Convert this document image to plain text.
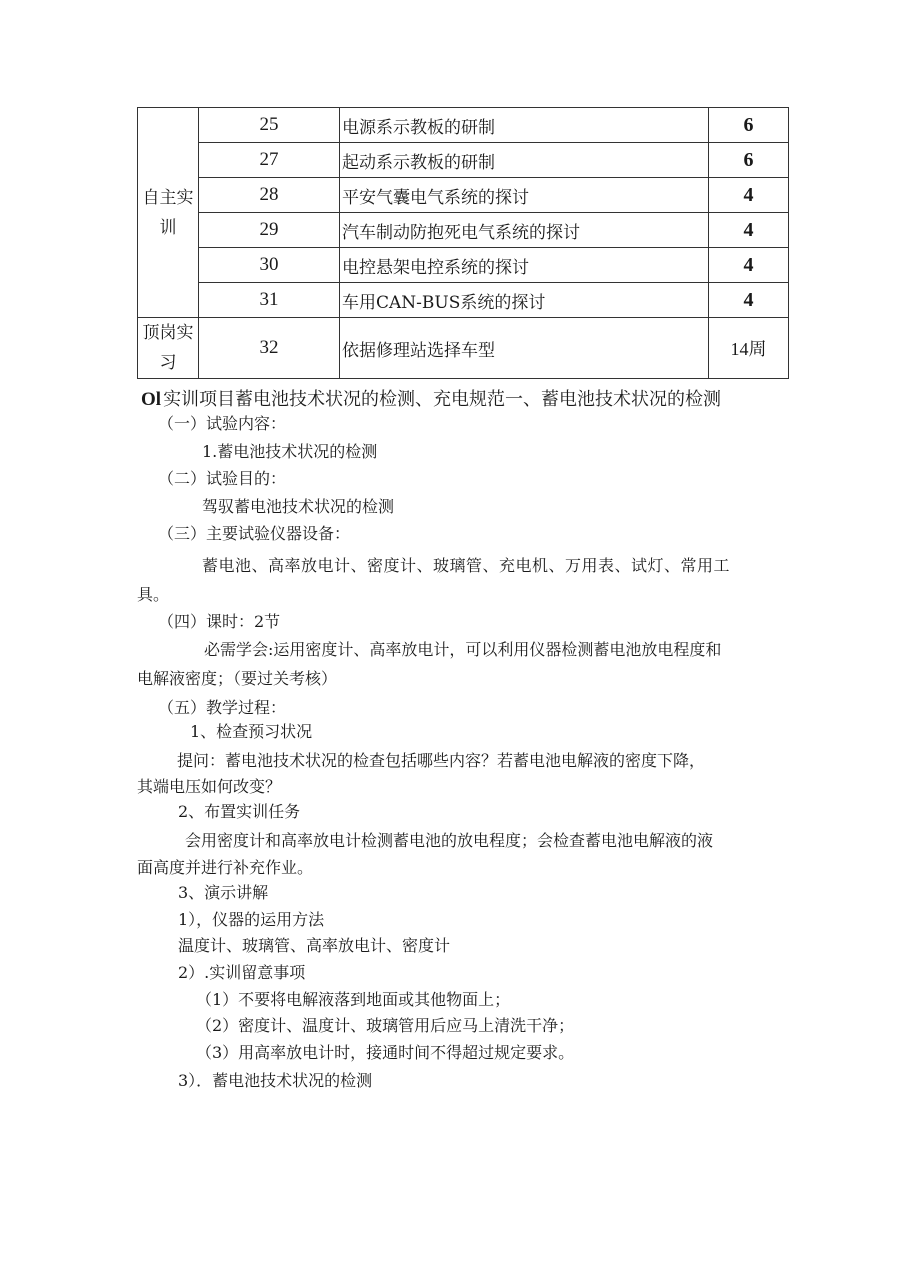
自主实训	25	电源系示教板的研制	6
	27	起动系示教板的研制	6
	28	平安气囊电气系统的探讨	4
	29	汽车制动防抱死电气系统的探讨	4
	30	电控悬架电控系统的探讨	4
	31	车用CAN-BUS系统的探讨	4
顶岗实习	32	依据修理站选择车型	14周
Ol 实训项目蓄电池技术状况的检测、充电规范一、蓄电池技术状况的检测
（一）试验内容：
1.蓄电池技术状况的检测
（二）试验目的：
驾驭蓄电池技术状况的检测
（三）主要试验仪器设备：
蓄电池、高率放电计、密度计、玻璃管、充电机、万用表、试灯、常用工
具。
（四）课时：2节
必需学会:运用密度计、高率放电计，可以利用仪器检测蓄电池放电程度和
电解液密度；（要过关考核）
（五）教学过程：
1、检查预习状况
提问：蓄电池技术状况的检查包括哪些内容？若蓄电池电解液的密度下降，
其端电压如何改变？
2、布置实训任务
会用密度计和高率放电计检测蓄电池的放电程度；会检查蓄电池电解液的液
面高度并进行补充作业。
3、演示讲解
1），仪器的运用方法
温度计、玻璃管、高率放电计、密度计
2）.实训留意事项
（1）不要将电解液落到地面或其他物面上；
（2）密度计、温度计、玻璃管用后应马上清洗干净；
（3）用高率放电计时，接通时间不得超过规定要求。
3）．蓄电池技术状况的检测
